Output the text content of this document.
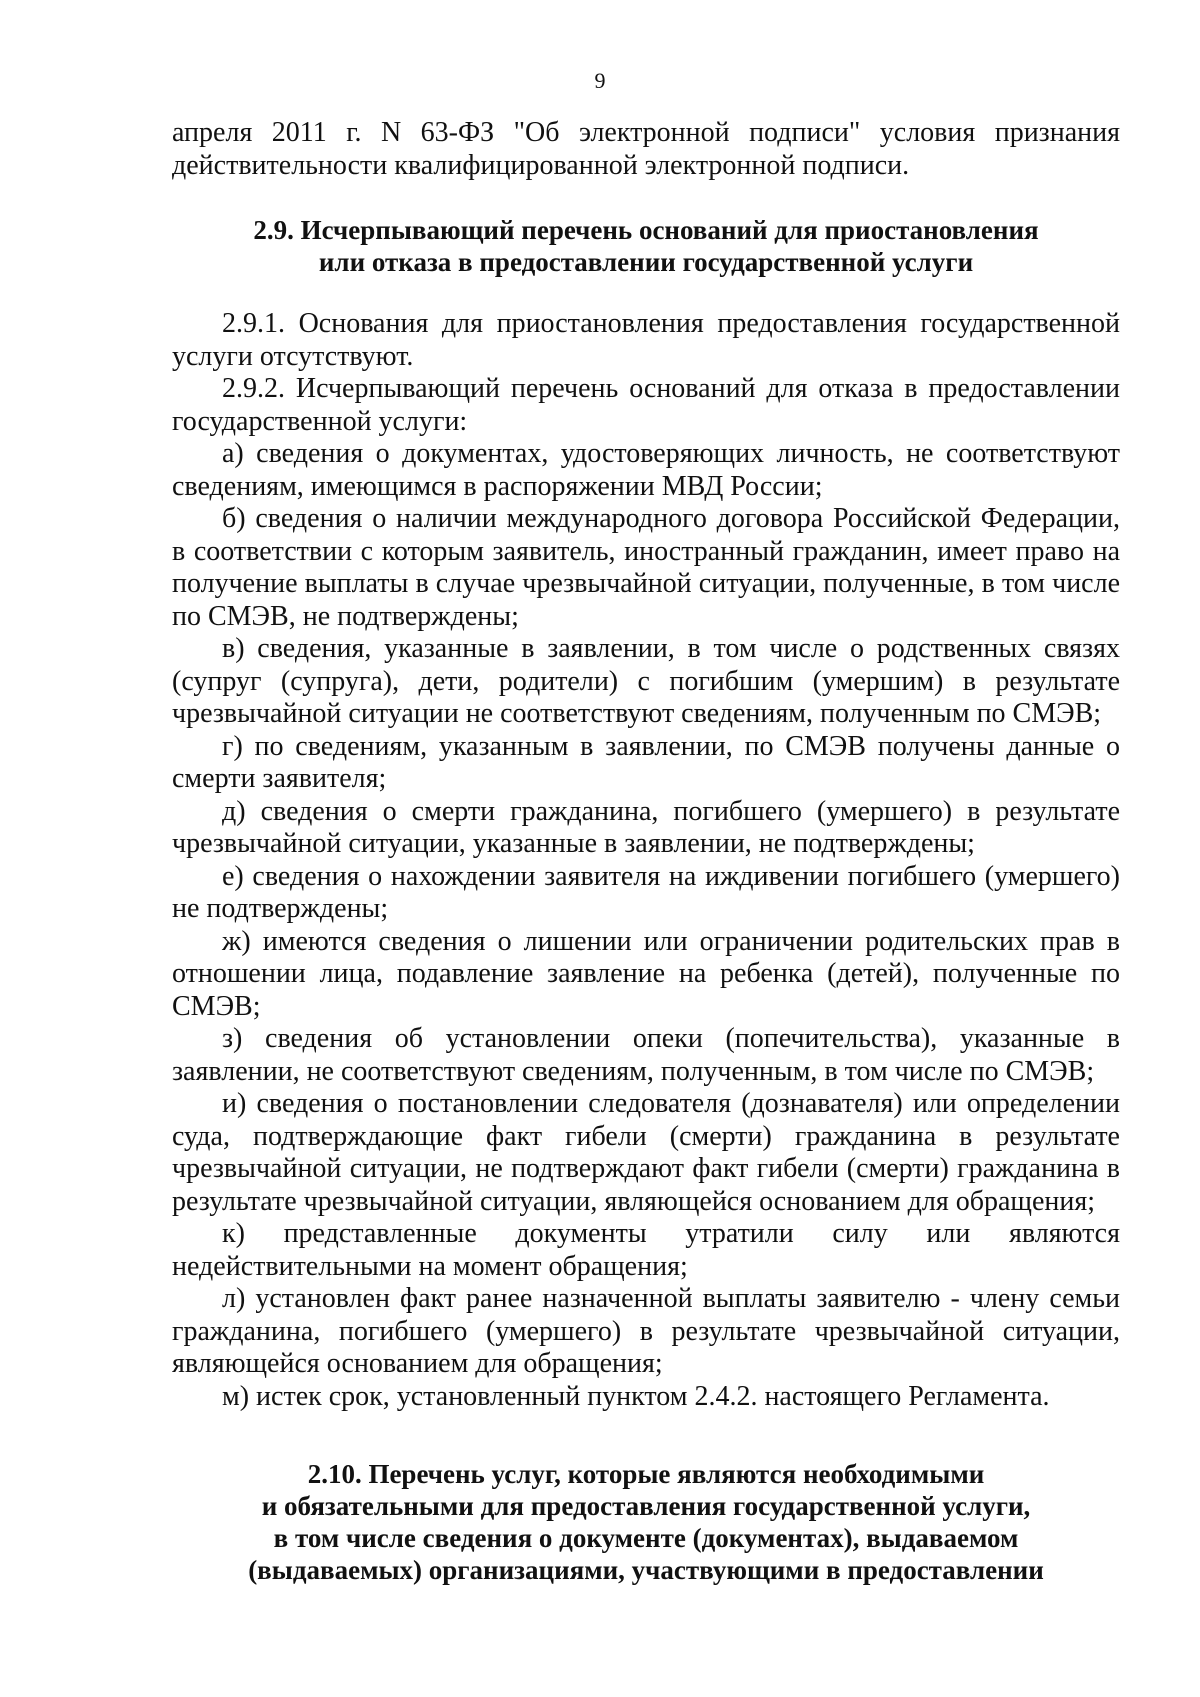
9

апреля 2011 г. N 63-ФЗ "Об электронной подписи" условия признания действительности квалифицированной электронной подписи.

2.9. Исчерпывающий перечень оснований для приостановления
или отказа в предоставлении государственной услуги

2.9.1. Основания для приостановления предоставления государственной услуги отсутствуют.

2.9.2. Исчерпывающий перечень оснований для отказа в предоставлении государственной услуги:

а) сведения о документах, удостоверяющих личность, не соответствуют сведениям, имеющимся в распоряжении МВД России;

б) сведения о наличии международного договора Российской Федерации, в соответствии с которым заявитель, иностранный гражданин, имеет право на получение выплаты в случае чрезвычайной ситуации, полученные, в том числе по СМЭВ, не подтверждены;

в) сведения, указанные в заявлении, в том числе о родственных связях (супруг (супруга), дети, родители) с погибшим (умершим) в результате чрезвычайной ситуации не соответствуют сведениям, полученным по СМЭВ;

г) по сведениям, указанным в заявлении, по СМЭВ получены данные о смерти заявителя;

д) сведения о смерти гражданина, погибшего (умершего) в результате чрезвычайной ситуации, указанные в заявлении, не подтверждены;

е) сведения о нахождении заявителя на иждивении погибшего (умершего) не подтверждены;

ж) имеются сведения о лишении или ограничении родительских прав в отношении лица, подавление заявление на ребенка (детей), полученные по СМЭВ;

з) сведения об установлении опеки (попечительства), указанные в заявлении, не соответствуют сведениям, полученным, в том числе по СМЭВ;

и) сведения о постановлении следователя (дознавателя) или определении суда, подтверждающие факт гибели (смерти) гражданина в результате чрезвычайной ситуации, не подтверждают факт гибели (смерти) гражданина в результате чрезвычайной ситуации, являющейся основанием для обращения;

к) представленные документы утратили силу или являются недействительными на момент обращения;

л) установлен факт ранее назначенной выплаты заявителю - члену семьи гражданина, погибшего (умершего) в результате чрезвычайной ситуации, являющейся основанием для обращения;

м) истек срок, установленный пунктом 2.4.2. настоящего Регламента.

2.10. Перечень услуг, которые являются необходимыми
и обязательными для предоставления государственной услуги,
в том числе сведения о документе (документах), выдаваемом
(выдаваемых) организациями, участвующими в предоставлении
